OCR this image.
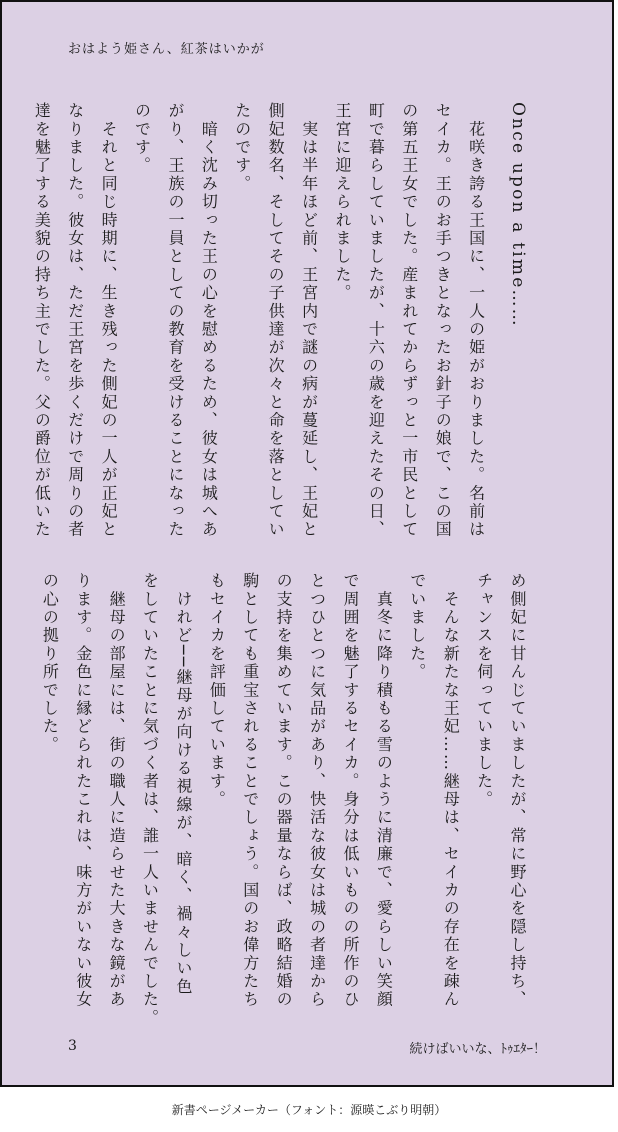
おはよう姫さん、紅茶はいかが

Once upon a time……

　花咲き誇る王国に、一人の姫がおりました。名前は

セイカ。王のお手つきとなったお針子の娘で、この国

の第五王女でした。産まれてからずっと一市民として

町で暮らしていましたが、十六の歳を迎えたその日、

王宮に迎えられました。

　実は半年ほど前、王宮内で謎の病が蔓延し、王妃と

側妃数名、そしてその子供達が次々と命を落としてい

たのです。

　暗く沈み切った王の心を慰めるため、彼女は城へあ

がり、王族の一員としての教育を受けることになった

のです。

　それと同じ時期に、生き残った側妃の一人が正妃と

なりました。彼女は、ただ王宮を歩くだけで周りの者

達を魅了する美貌の持ち主でした。父の爵位が低いた

め側妃に甘んじていましたが、常に野心を隠し持ち、

チャンスを伺っていました。

　そんな新たな王妃……継母は、セイカの存在を疎ん

でいました。

　真冬に降り積もる雪のように清廉で、愛らしい笑顔

で周囲を魅了するセイカ。身分は低いものの所作のひ

とつひとつに気品があり、快活な彼女は城の者達から

の支持を集めています。この器量ならば、政略結婚の

駒としても重宝されることでしょう。国のお偉方たち

もセイカを評価しています。

　けれど──継母が向ける視線が、暗く、禍々しい色

をしていたことに気づく者は、誰一人いませんでした。

　継母の部屋には、街の職人に造らせた大きな鏡があ

ります。金色に縁どられたこれは、味方がいない彼女

の心の拠り所でした。

3	続けばいいな、ﾄｩｴﾀｰ！
新書ページメーカー（フォント：源暎こぶり明朝）
